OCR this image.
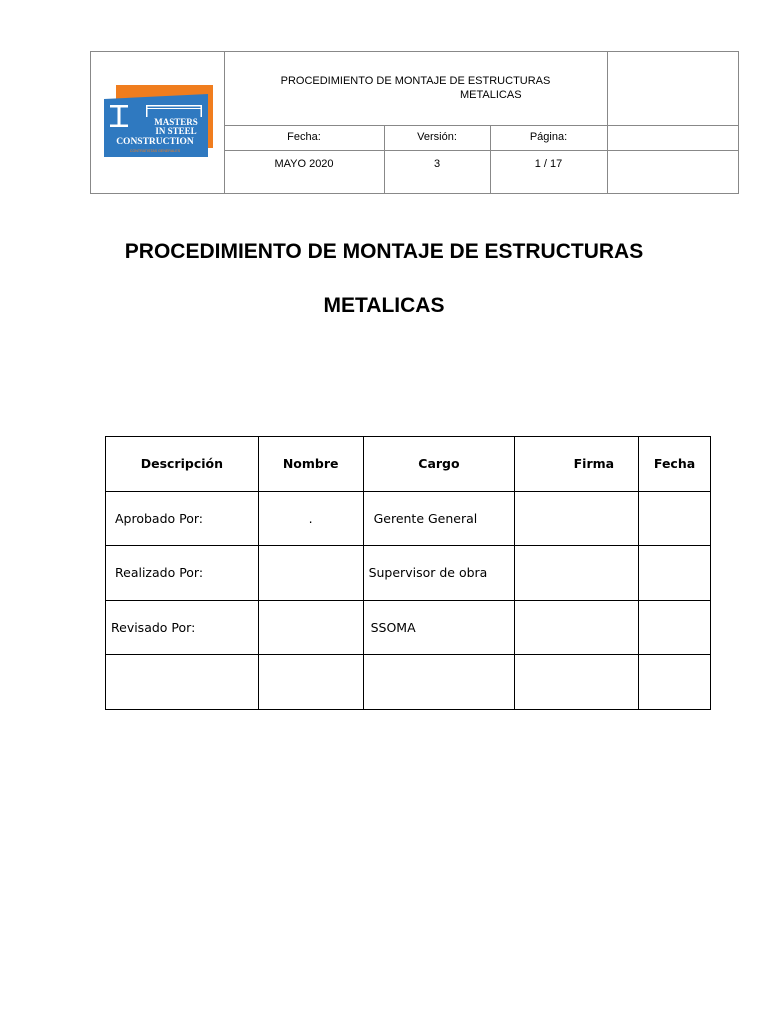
MASTERS
IN STEEL
CONSTRUCTION
CONTRATISTAS GENERALES
PROCEDIMIENTO DE MONTAJE DE ESTRUCTURAS
METALICAS
Fecha:	Versión:	Página:
MAYO 2020	3	1 / 17
PROCEDIMIENTO DE MONTAJE DE ESTRUCTURAS
METALICAS
Descripción	Nombre	Cargo	Firma	Fecha
Aprobado Por:	.	Gerente General		
Realizado Por:		Supervisor de obra		
Revisado Por:		SSOMA		
